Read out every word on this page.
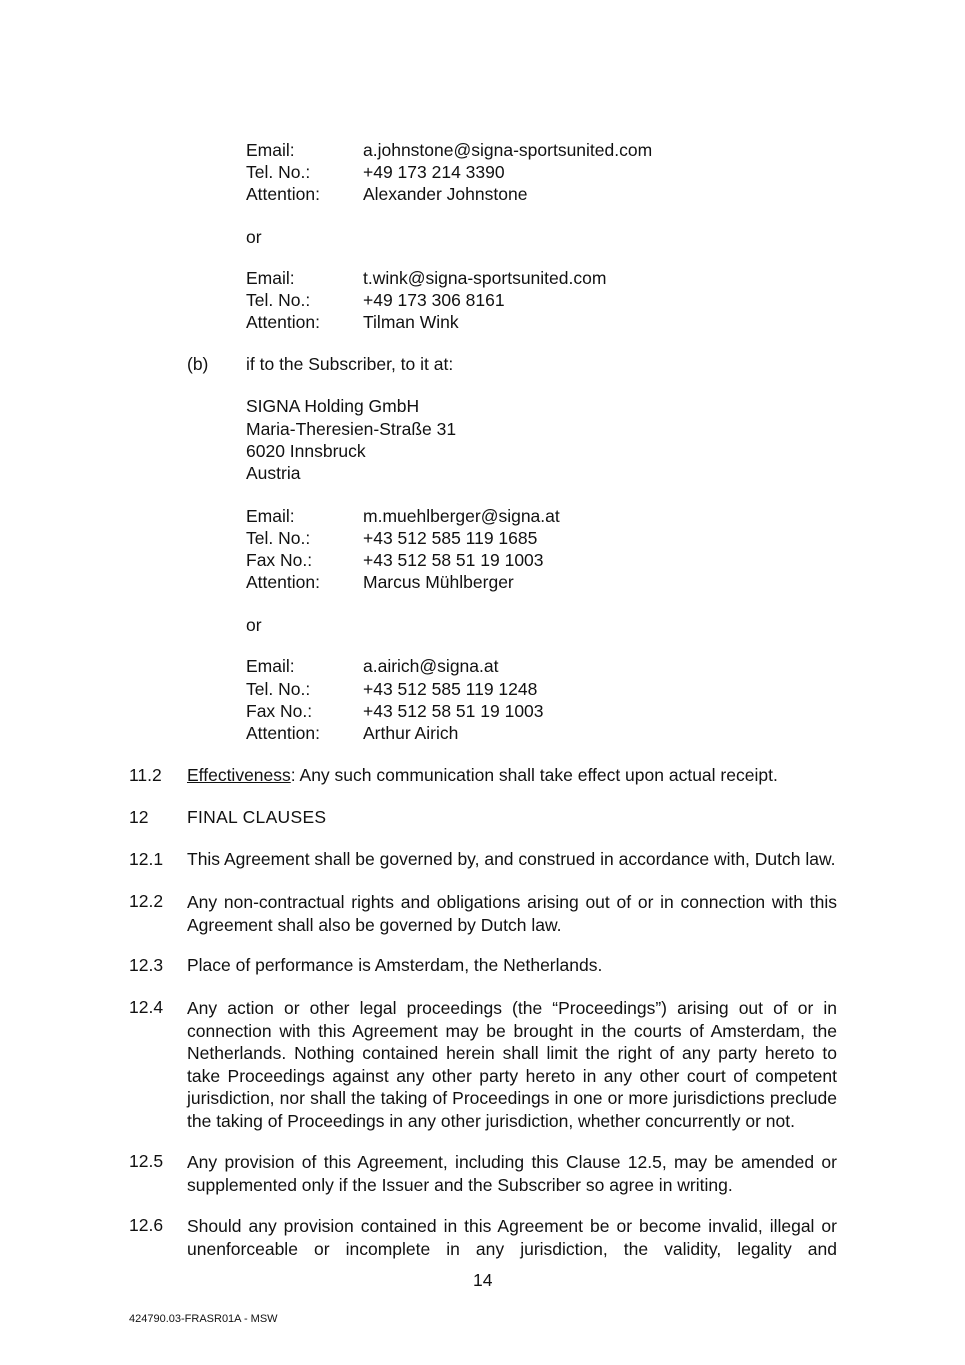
Email:	a.johnstone@signa-sportsunited.com
Tel. No.:	+49 173 214 3390
Attention: Alexander Johnstone
or
Email:	t.wink@signa-sportsunited.com
Tel. No.:	+49 173 306 8161
Attention: Tilman Wink
(b) if to the Subscriber, to it at:
SIGNA Holding GmbH
Maria-Theresien-Straße 31
6020 Innsbruck
Austria
Email:	m.muehlberger@signa.at
Tel. No.:	+43 512 585 119 1685
Fax No.:	+43 512 58 51 19 1003
Attention: Marcus Mühlberger
or
Email:	a.airich@signa.at
Tel. No.:	+43 512 585 119 1248
Fax No.:	+43 512 58 51 19 1003
Attention: Arthur Airich
11.2 Effectiveness: Any such communication shall take effect upon actual receipt.
12 FINAL CLAUSES
12.1 This Agreement shall be governed by, and construed in accordance with, Dutch law.
12.2 Any non-contractual rights and obligations arising out of or in connection with this Agreement shall also be governed by Dutch law.
12.3 Place of performance is Amsterdam, the Netherlands.
12.4 Any action or other legal proceedings (the “Proceedings”) arising out of or in connection with this Agreement may be brought in the courts of Amsterdam, the Netherlands. Nothing contained herein shall limit the right of any party hereto to take Proceedings against any other party hereto in any other court of competent jurisdiction, nor shall the taking of Proceedings in one or more jurisdictions preclude the taking of Proceedings in any other jurisdiction, whether concurrently or not.
12.5 Any provision of this Agreement, including this Clause 12.5, may be amended or supplemented only if the Issuer and the Subscriber so agree in writing.
12.6 Should any provision contained in this Agreement be or become invalid, illegal or unenforceable or incomplete in any jurisdiction, the validity, legality and
14
424790.03-FRASR01A - MSW
